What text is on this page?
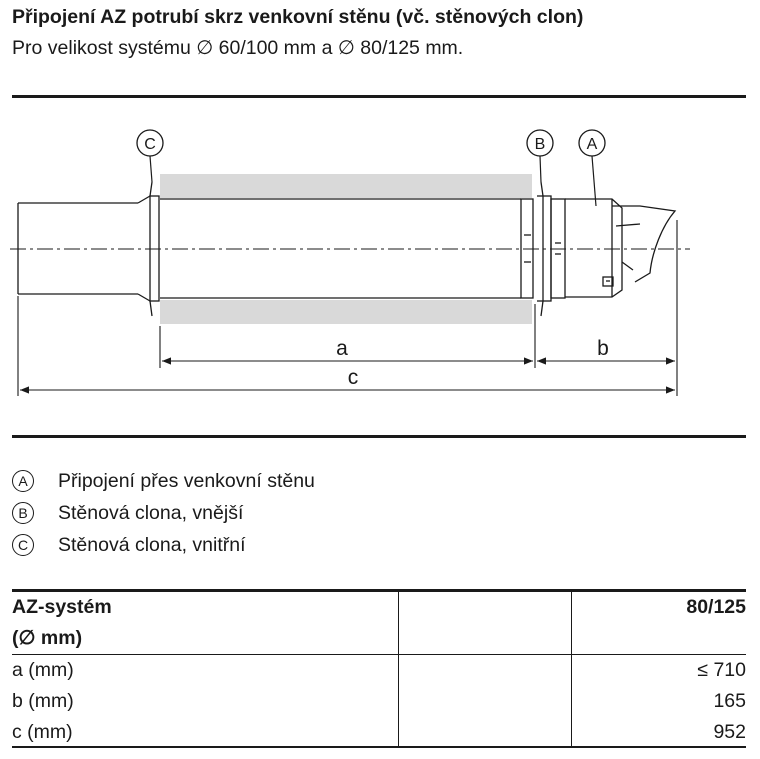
Připojení AZ potrubí skrz venkovní stěnu (vč. stěnových clon)
Pro velikost systému ∅ 60/100 mm a ∅ 80/125 mm.
C	B	A
a	b
c
A	Připojení přes venkovní stěnu
B	Stěnová clona, vnější
C	Stěnová clona, vnitřní
AZ-systém
(∅ mm)		80/125
a (mm)		≤ 710
b (mm)		165
c (mm)		952
